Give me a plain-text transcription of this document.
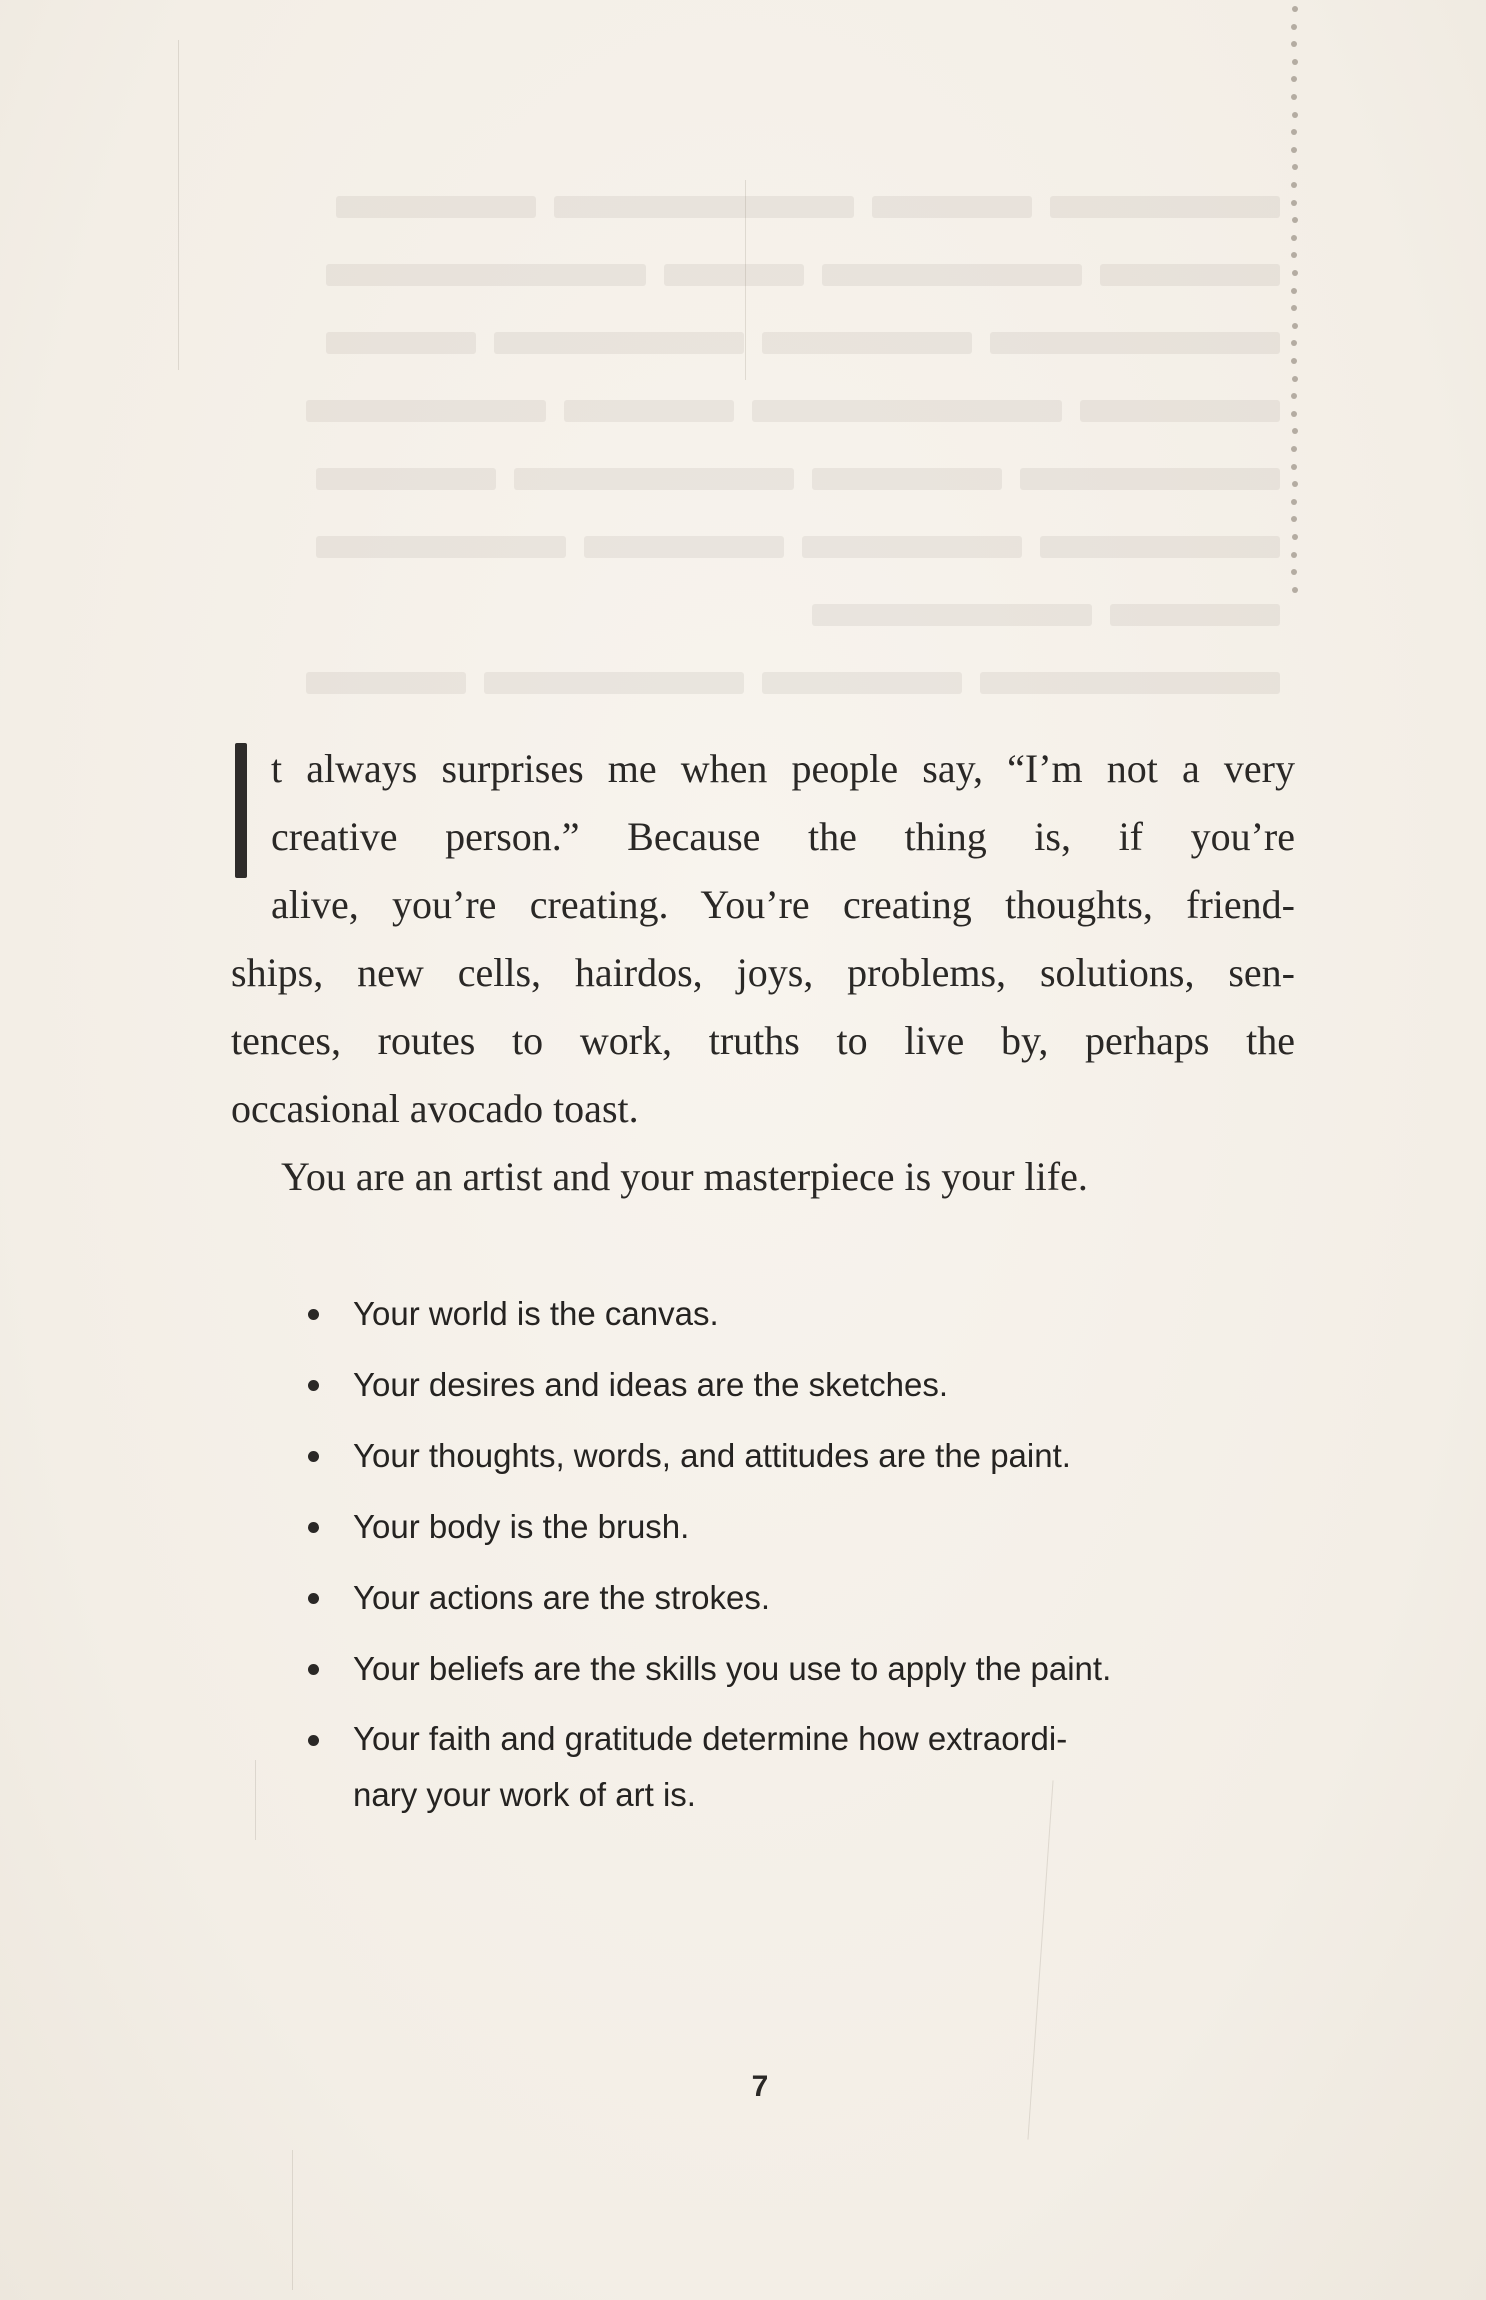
t always surprises me when people say, “I’m not a very
creative person.” Because the thing is, if you’re
alive, you’re creating. You’re creating thoughts, friend-
ships, new cells, hairdos, joys, problems, solutions, sen-
tences, routes to work, truths to live by, perhaps the
occasional avocado toast.
You are an artist and your masterpiece is your life.
Your world is the canvas.
Your desires and ideas are the sketches.
Your thoughts, words, and attitudes are the paint.
Your body is the brush.
Your actions are the strokes.
Your beliefs are the skills you use to apply the paint.
Your faith and gratitude determine how extraordi-
nary your work of art is.
7
